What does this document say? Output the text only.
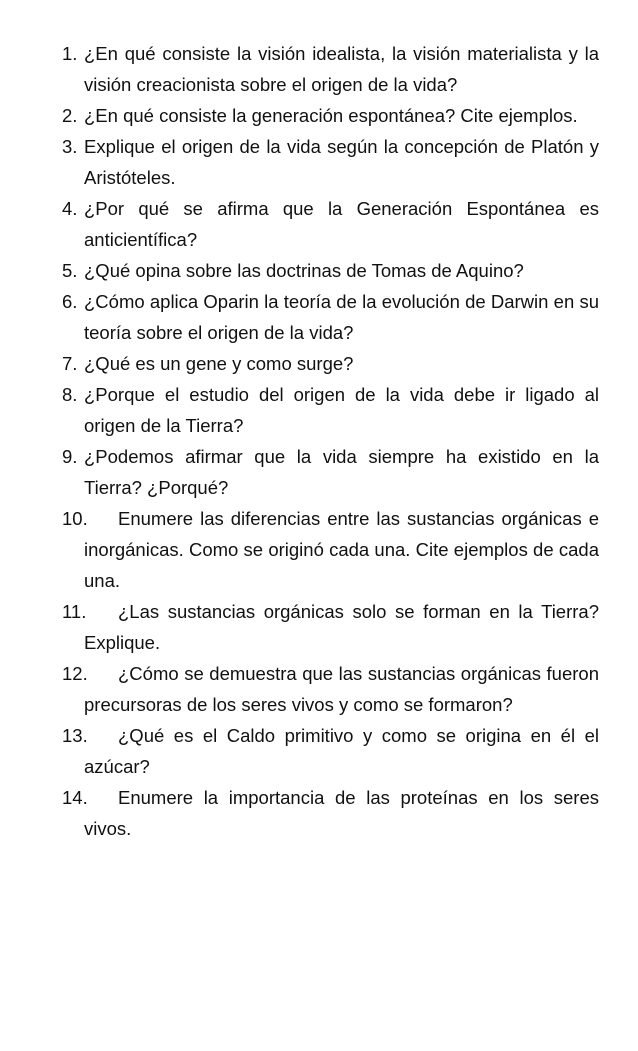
1. ¿En qué consiste la visión idealista, la visión materialista y la visión creacionista sobre el origen de la vida?
2. ¿En qué consiste la generación espontánea? Cite ejemplos.
3. Explique el origen de la vida según la concepción de Platón y Aristóteles.
4. ¿Por qué se afirma que la Generación Espontánea es anticientífica?
5. ¿Qué opina sobre las doctrinas de Tomas de Aquino?
6. ¿Cómo aplica Oparin la teoría de la evolución de Darwin en su teoría sobre el origen de la vida?
7. ¿Qué es un gene y como surge?
8. ¿Porque el estudio del origen de la vida debe ir ligado al origen de la Tierra?
9. ¿Podemos afirmar que la vida siempre ha existido en la Tierra? ¿Porqué?
10.	Enumere las diferencias entre las sustancias orgánicas e inorgánicas. Como se originó cada una. Cite ejemplos de cada una.
11.	¿Las sustancias orgánicas solo se forman en la Tierra? Explique.
12.	¿Cómo se demuestra que las sustancias orgánicas fueron precursoras de los seres vivos y como se formaron?
13.	¿Qué es el Caldo primitivo y como se origina en él el azúcar?
14.	Enumere la importancia de las proteínas en los seres vivos.
